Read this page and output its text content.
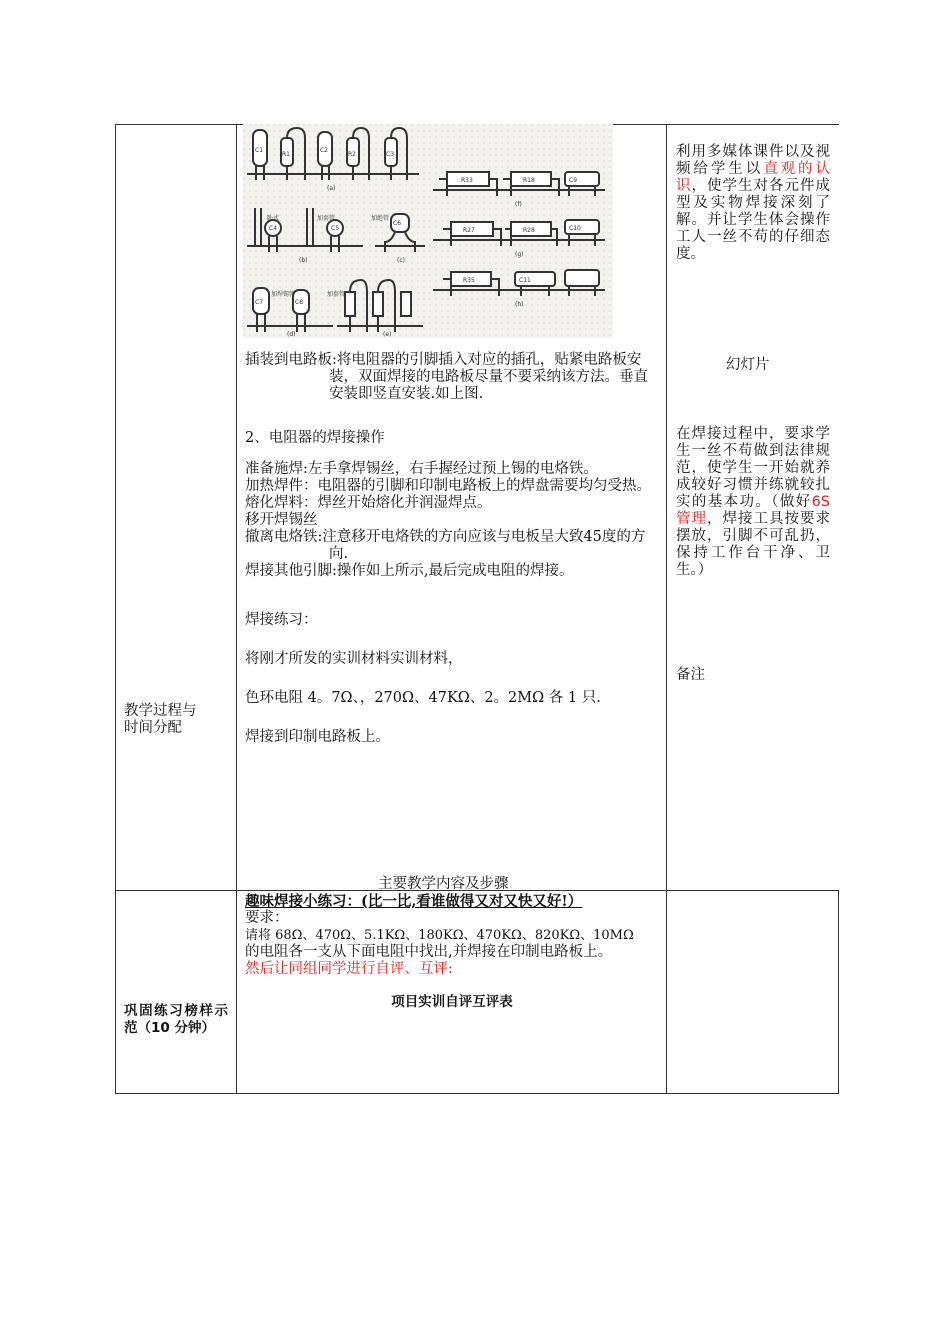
C1
R1
C2
R2	C3
C4	C5
C6
C7	C8
C9
C10
C11
R33	R18
R27	R28
R35
卧式	加套管	加绝管
加套管
加焊锡管
(a)
(b)	(c)
(d)	(e)
(f)
(g)
(h)

教学过程与

时间分配

插装到电路板:将电阻器的引脚插入对应的插孔，贴紧电路板安装，双面焊接的电路板尽量不要采纳该方法。垂直安装即竖直安装.如上图.

2、电阻器的焊接操作

准备施焊:左手拿焊锡丝，右手握经过预上锡的电烙铁。

加热焊件：电阻器的引脚和印制电路板上的焊盘需要均匀受热。

熔化焊料：焊丝开始熔化并润湿焊点。

移开焊锡丝

撤离电烙铁:注意移开电烙铁的方向应该与电板呈大致45度的方向.

焊接其他引脚:操作如上所示,最后完成电阻的焊接。

焊接练习：

将刚才所发的实训材料实训材料，

色环电阻 4。7Ω、，270Ω、47KΩ、2。2MΩ 各 1 只.

焊接到印制电路板上。

主要教学内容及步骤

利用多媒体课件以及视频给学生以直观的认识，使学生对各元件成型及实物焊接深刻了解。并让学生体会操作工人一丝不苟的仔细态度。

幻灯片

在焊接过程中，要求学生一丝不苟做到法律规范，使学生一开始就养成较好习惯并练就较扎实的基本功。（做好6S 管理，焊接工具按要求摆放，引脚不可乱扔，保持工作台干净、卫生。）

备注

巩固练习榜样示范（10 分钟）

趣味焊接小练习：(比一比,看谁做得又对又快又好!）

要求：

请将 68Ω、470Ω、5.1KΩ、180KΩ、470KΩ、820KΩ、10MΩ

的电阻各一支从下面电阻中找出,并焊接在印制电路板上。

然后让同组同学进行自评、互评:

项目实训自评互评表
